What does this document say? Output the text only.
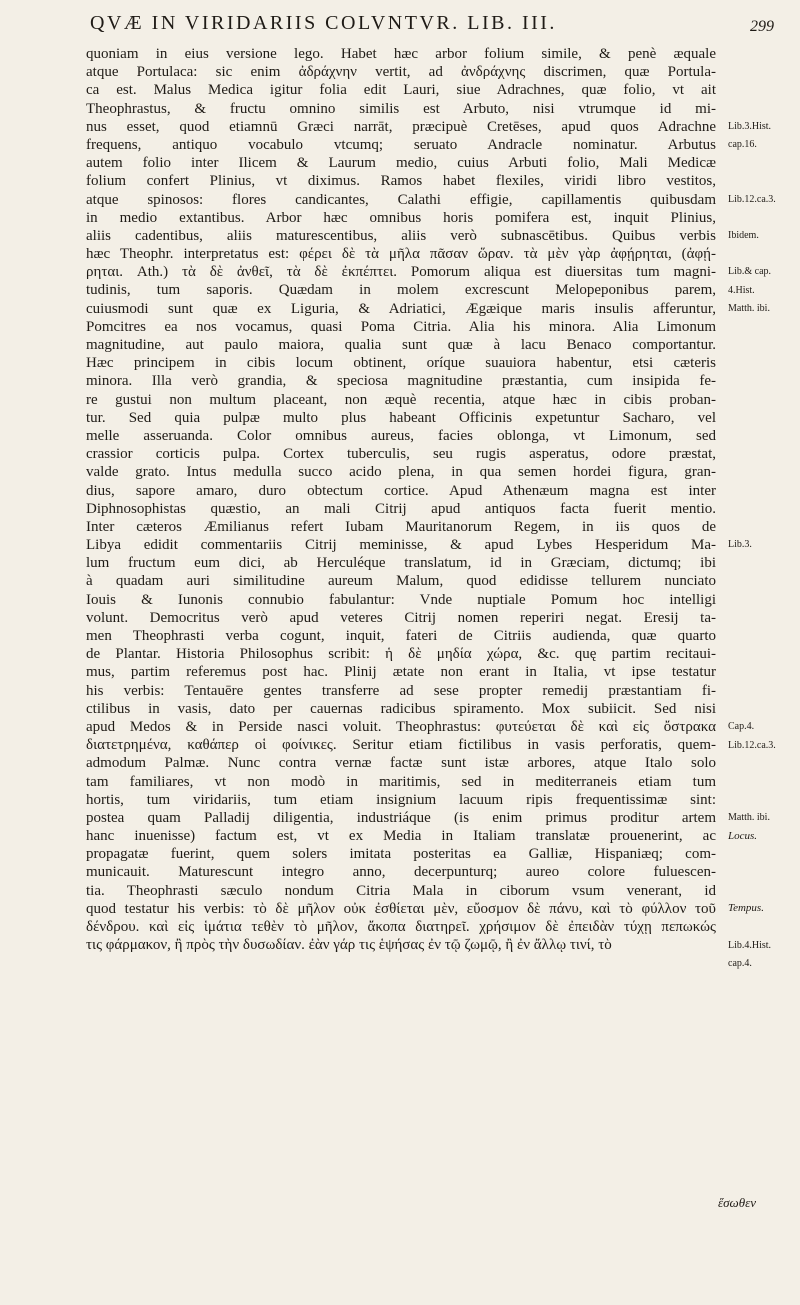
QVÆ IN VIRIDARIIS COLVNTVR. LIB. III.	299
quoniam in eius versione lego. Habet hæc arbor folium simile, & penè æquale
atque Portulaca: sic enim ἀδράχνην vertit, ad ἀνδράχνης discrimen, quæ Portula-
ca est. Malus Medica igitur folia edit Lauri, siue Adrachnes, quæ folio, vt ait
Theophrastus, & fructu omnino similis est Arbuto, nisi vtrumque id mi-
nus esset, quod etiamnū Græci narrāt, præcipuè Cretēses, apud quos Adrachne
frequens, antiquo vocabulo vtcumq; seruato Andracle nominatur. Arbutus
autem folio inter Ilicem & Laurum medio, cuius Arbuti folio, Mali Medicæ
folium confert Plinius, vt diximus. Ramos habet flexiles, viridi libro vestitos,
atque spinosos: flores candicantes, Calathi effigie, capillamentis quibusdam
in medio extantibus. Arbor hæc omnibus horis pomifera est, inquit Plinius,
aliis cadentibus, aliis maturescentibus, aliis verò subnascētibus. Quibus verbis
hæc Theophr. interpretatus est: φέρει δὲ τὰ μῆλα πᾶσαν ὥραν. τὰ μὲν γὰρ ἀφῄρηται, (ἀφῄ-
ρηται. Ath.) τὰ δὲ ἀνθεῖ, τὰ δὲ ἐκπέπτει. Pomorum aliqua est diuersitas tum magni-
tudinis, tum saporis. Quædam in molem excrescunt Melopeponibus parem,
cuiusmodi sunt quæ ex Liguria, & Adriatici, Ægæique maris insulis afferuntur,
Pomcitres ea nos vocamus, quasi Poma Citria. Alia his minora. Alia Limonum
magnitudine, aut paulo maiora, qualia sunt quæ à lacu Benaco comportantur.
Hæc principem in cibis locum obtinent, oríque suauiora habentur, etsi cæteris
minora. Illa verò grandia, & speciosa magnitudine præstantia, cum insipida fe-
re gustui non multum placeant, non æquè recentia, atque hæc in cibis proban-
tur. Sed quia pulpæ multo plus habeant Officinis expetuntur Sacharo, vel
melle asseruanda. Color omnibus aureus, facies oblonga, vt Limonum, sed
crassior corticis pulpa. Cortex tuberculis, seu rugis asperatus, odore præstat,
valde grato. Intus medulla succo acido plena, in qua semen hordei figura, gran-
dius, sapore amaro, duro obtectum cortice. Apud Athenæum magna est inter
Diphnosophistas quæstio, an mali Citrij apud antiquos facta fuerit mentio.
Inter cæteros Æmilianus refert Iubam Mauritanorum Regem, in iis quos de
Libya edidit commentariis Citrij meminisse, & apud Lybes Hesperidum Ma-
lum fructum eum dici, ab Herculéque translatum, id in Græciam, dictumq; ibi
à quadam auri similitudine aureum Malum, quod edidisse tellurem nunciato
Iouis & Iunonis connubio fabulantur: Vnde nuptiale Pomum hoc intelligi
volunt. Democritus verò apud veteres Citrij nomen reperiri negat. Eresij ta-
men Theophrasti verba cogunt, inquit, fateri de Citriis audienda, quæ quarto
de Plantar. Historia Philosophus scribit: ἡ δὲ μηδία χώρα, &c. quę partim recitaui-
mus, partim referemus post hac. Plinij ætate non erant in Italia, vt ipse testatur
his verbis: Tentauēre gentes transferre ad sese propter remedij præstantiam fi-
ctilibus in vasis, dato per cauernas radicibus spiramento. Mox subiicit. Sed nisi
apud Medos & in Perside nasci voluit. Theophrastus: φυτεύεται δὲ καὶ εἰς ὄστρακα
διατετρημένα, καθάπερ οἱ φοίνικες. Seritur etiam fictilibus in vasis perforatis, quem-
admodum Palmæ. Nunc contra vernæ factæ sunt istæ arbores, atque Italo solo
tam familiares, vt non modò in maritimis, sed in mediterraneis etiam tum
hortis, tum viridariis, tum etiam insignium lacuum ripis frequentissimæ sint:
postea quam Palladij diligentia, industriáque (is enim primus proditur artem
hanc inuenisse) factum est, vt ex Media in Italiam translatæ prouenerint, ac
propagatæ fuerint, quem solers imitata posteritas ea Galliæ, Hispaniæq; com-
municauit. Maturescunt integro anno, decerpunturq; aureo colore fuluescen-
tia. Theophrasti sæculo nondum Citria Mala in ciborum vsum venerant, id
quod testatur his verbis: τὸ δὲ μῆλον οὐκ ἐσθίεται μὲν, εὔοσμον δὲ πάνυ, καὶ τὸ φύλλον τοῦ
δένδρου. καὶ εἰς ἱμάτια τεθὲν τὸ μῆλον, ἄκοπα διατηρεῖ. χρήσιμον δὲ ἐπειδὰν τύχῃ πεπωκώς
τις φάρμακον, ἢ πρὸς τὴν δυσωδίαν. ἐὰν γάρ τις ἑψήσας ἐν τῷ ζωμῷ, ἢ ἐν ἄλλῳ τινί, τὸ
Lib.3.Hist.
cap.16.
Lib.12.ca.3.
Ibidem.
Lib.& cap.
4.Hist.
Matth. ibi.
Lib.3.
Cap.4.
Lib.12.ca.3.
Matth. ibi.
Locus.
Tempus.
Lib.4.Hist.
cap.4.
ἕσωθεν
